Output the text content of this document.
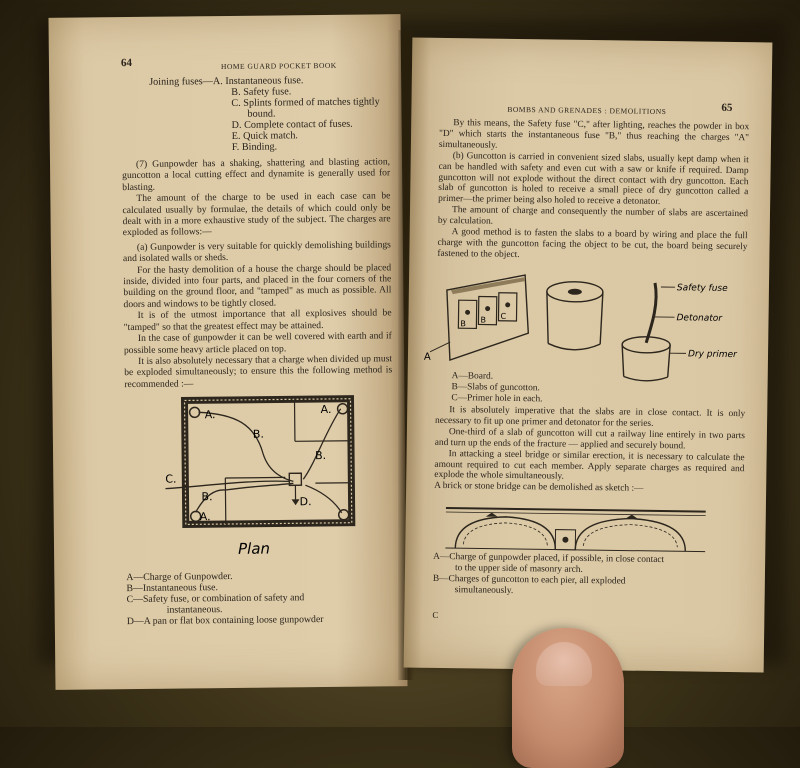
64	HOME GUARD POCKET BOOK

Joining fuses—A. Instantaneous fuse.

B. Safety fuse.

C. Splints formed of matches tightly

bound.

D. Complete contact of fuses.

E. Quick match.

F. Binding.

(7) Gunpowder has a shaking, shattering and blasting action, guncotton a local cutting effect and dynamite is generally used for blasting.

The amount of the charge to be used in each case can be calculated usually by formulae, the details of which could only be dealt with in a more exhaustive study of the subject. The charges are exploded as follows:—

(a) Gunpowder is very suitable for quickly demolishing buildings and isolated walls or sheds.

For the hasty demolition of a house the charge should be placed inside, divided into four parts, and placed in the four corners of the building on the ground floor, and "tamped" as much as possible. All doors and windows to be tightly closed.

It is of the utmost importance that all explosives should be "tamped" so that the greatest effect may be attained.

In the case of gunpowder it can be well covered with earth and if possible some heavy article placed on top.

It is also absolutely necessary that a charge when divided up must be exploded simultaneously; to ensure this the following method is recommended :—

A.
B.
B.
B.
A.
A.
C.
D.
Plan

A—Charge of Gunpowder.

B—Instantaneous fuse.

C—Safety fuse, or combination of safety and

instantaneous.

D—A pan or flat box containing loose gunpowder

BOMBS AND GRENADES : DEMOLITIONS	65

By this means, the Safety fuse "C," after lighting, reaches the powder in box "D" which starts the instantaneous fuse "B," thus reaching the charges "A" simultaneously.

(b) Guncotton is carried in convenient sized slabs, usually kept damp when it can be handled with safety and even cut with a saw or knife if required. Damp guncotton will not explode without the direct contact with dry guncotton. Each slab of guncotton is holed to receive a small piece of dry guncotton called a primer—the primer being also holed to receive a detonator.

The amount of charge and consequently the number of slabs are ascertained by calculation.

A good method is to fasten the slabs to a board by wiring and place the full charge with the guncotton facing the object to be cut, the board being securely fastened to the object.

A
B B C
Safety fuse
Detonator
Dry primer

A—Board.

B—Slabs of guncotton.

C—Primer hole in each.

It is absolutely imperative that the slabs are in close contact. It is only necessary to fit up one primer and detonator for the series.

One-third of a slab of guncotton will cut a railway line entirely in two parts and turn up the ends of the fracture — applied and securely bound.

In attacking a steel bridge or similar erection, it is necessary to calculate the amount required to cut each member. Apply separate charges as required and explode the whole simultaneously.

A brick or stone bridge can be demolished as sketch :—

A—Charge of gunpowder placed, if possible, in close contact

to the upper side of masonry arch.

B—Charges of guncotton to each pier, all exploded

simultaneously.

C
